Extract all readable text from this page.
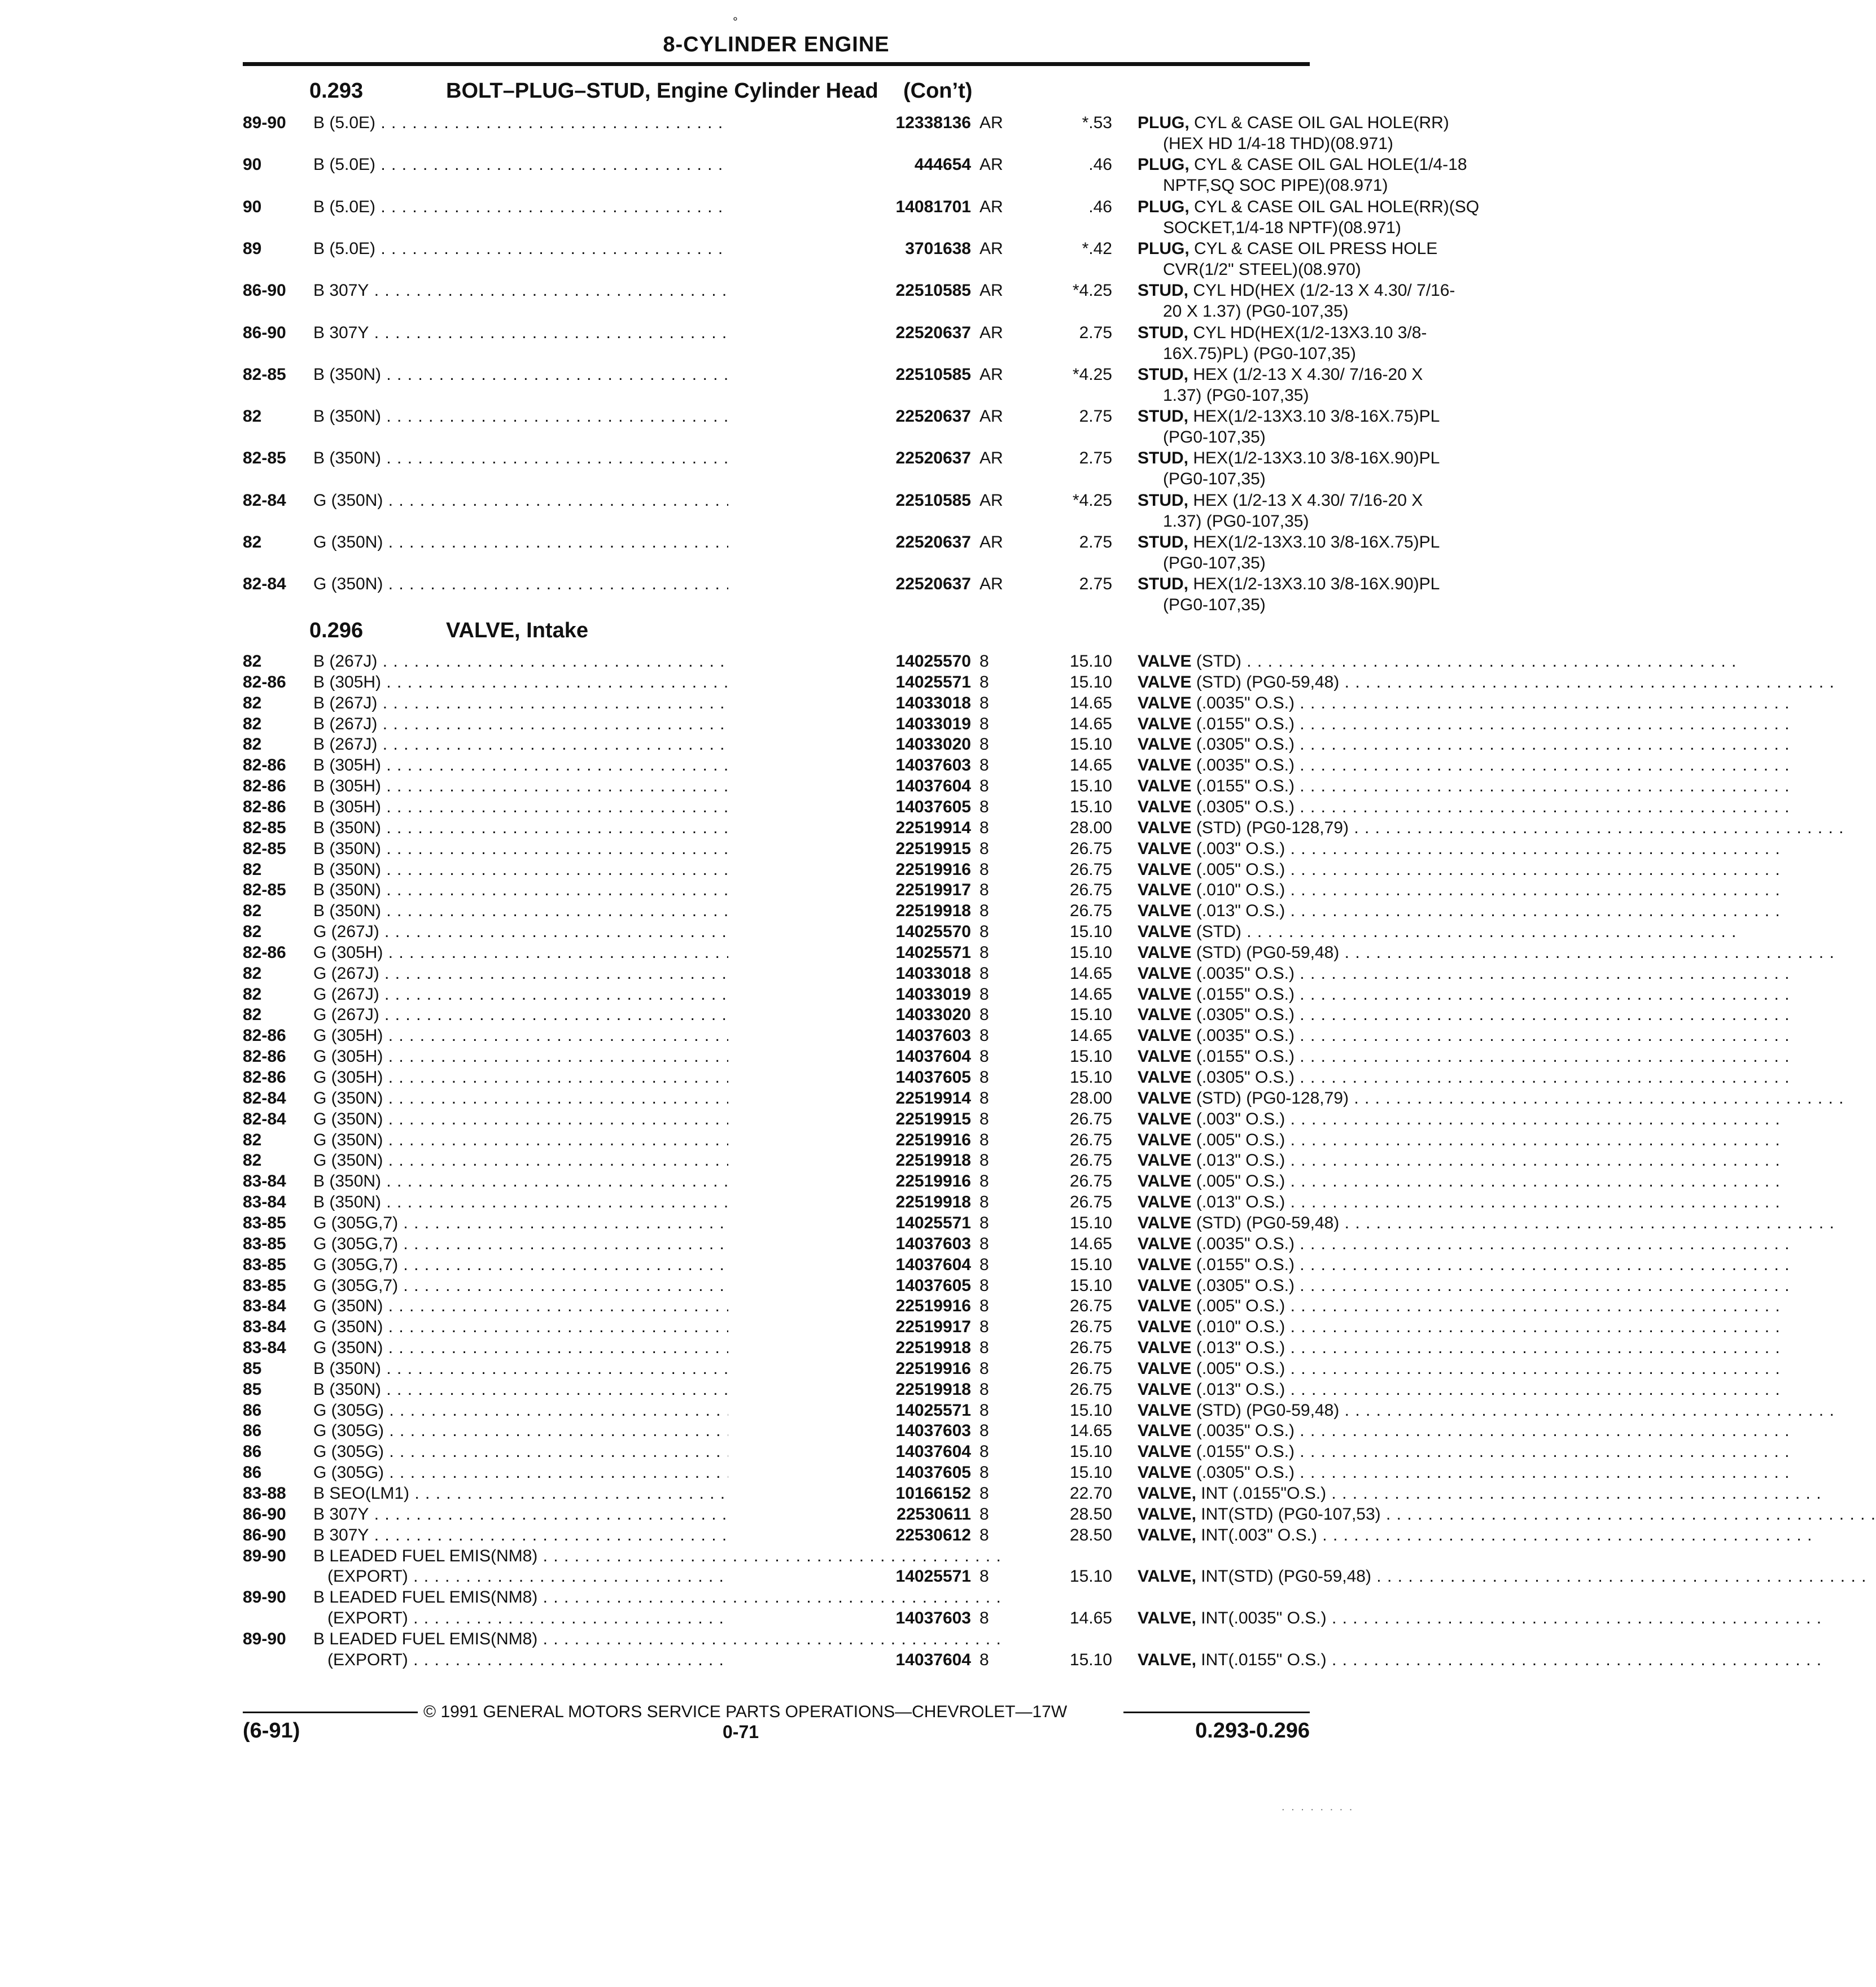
°
8-CYLINDER ENGINE
0.293	BOLT–PLUG–STUD, Engine Cylinder Head (Con’t)
89-90 B (5.0E) . . .	12338136 AR	*.53 PLUG, CYL & CASE OIL GAL HOLE(RR)
(HEX HD 1/4-18 THD)(08.971)
90	B (5.0E) . . .	444654 AR	.46 PLUG, CYL & CASE OIL GAL HOLE(1/4-18
NPTF,SQ SOC PIPE)(08.971)
90	B (5.0E) . . .	14081701 AR	.46 PLUG, CYL & CASE OIL GAL HOLE(RR)(SQ
SOCKET,1/4-18 NPTF)(08.971)
89	B (5.0E) . . .	3701638 AR	*.42 PLUG, CYL & CASE OIL PRESS HOLE
CVR(1/2" STEEL)(08.970)
86-90 B 307Y . . .	22510585 AR	*4.25 STUD, CYL HD(HEX (1/2-13 X 4.30/ 7/16-
20 X 1.37) (PG0-107,35)
86-90 B 307Y . . .	22520637 AR	2.75 STUD, CYL HD(HEX(1/2-13X3.10 3/8-
16X.75)PL) (PG0-107,35)
82-85 B (350N) . . .	22510585 AR	*4.25 STUD, HEX (1/2-13 X 4.30/ 7/16-20 X
1.37) (PG0-107,35)
82	B (350N) . . .	22520637 AR	2.75 STUD, HEX(1/2-13X3.10 3/8-16X.75)PL
(PG0-107,35)
82-85 B (350N) . . .	22520637 AR	2.75 STUD, HEX(1/2-13X3.10 3/8-16X.90)PL
(PG0-107,35)
82-84 G (350N) . . .	22510585 AR	*4.25 STUD, HEX (1/2-13 X 4.30/ 7/16-20 X
1.37) (PG0-107,35)
82	G (350N) . . .	22520637 AR	2.75 STUD, HEX(1/2-13X3.10 3/8-16X.75)PL
(PG0-107,35)
82-84 G (350N) . . .	22520637 AR	2.75 STUD, HEX(1/2-13X3.10 3/8-16X.90)PL
(PG0-107,35)
0.296	VALVE, Intake
82	B (267J) . . .	14025570 8	15.10 VALVE (STD) . . .
82-86 B (305H) . . .	14025571 8	15.10 VALVE (STD) (PG0-59,48) . . .
82	B (267J) . . .	14033018 8	14.65 VALVE (.0035" O.S.) . . .
82	B (267J) . . .	14033019 8	14.65 VALVE (.0155" O.S.) . . .
82	B (267J) . . .	14033020 8	15.10 VALVE (.0305" O.S.) . . .
82-86 B (305H) . . .	14037603 8	14.65 VALVE (.0035" O.S.) . . .
82-86 B (305H) . . .	14037604 8	15.10 VALVE (.0155" O.S.) . . .
82-86 B (305H) . . .	14037605 8	15.10 VALVE (.0305" O.S.) . . .
82-85 B (350N) . . .	22519914 8	28.00 VALVE (STD) (PG0-128,79) . . .
82-85 B (350N) . . .	22519915 8	26.75 VALVE (.003" O.S.) . . .
82	B (350N) . . .	22519916 8	26.75 VALVE (.005" O.S.) . . .
82-85 B (350N) . . .	22519917 8	26.75 VALVE (.010" O.S.) . . .
82	B (350N) . . .	22519918 8	26.75 VALVE (.013" O.S.) . . .
82	G (267J) . . .	14025570 8	15.10 VALVE (STD) . . .
82-86 G (305H) . . .	14025571 8	15.10 VALVE (STD) (PG0-59,48) . . .
82	G (267J) . . .	14033018 8	14.65 VALVE (.0035" O.S.) . . .
82	G (267J) . . .	14033019 8	14.65 VALVE (.0155" O.S.) . . .
82	G (267J) . . .	14033020 8	15.10 VALVE (.0305" O.S.) . . .
82-86 G (305H) . . .	14037603 8	14.65 VALVE (.0035" O.S.) . . .
82-86 G (305H) . . .	14037604 8	15.10 VALVE (.0155" O.S.) . . .
82-86 G (305H) . . .	14037605 8	15.10 VALVE (.0305" O.S.) . . .
82-84 G (350N) . . .	22519914 8	28.00 VALVE (STD) (PG0-128,79) . . .
82-84 G (350N) . . .	22519915 8	26.75 VALVE (.003" O.S.) . . .
82	G (350N) . . .	22519916 8	26.75 VALVE (.005" O.S.) . . .
82	G (350N) . . .	22519918 8	26.75 VALVE (.013" O.S.) . . .
83-84 B (350N) . . .	22519916 8	26.75 VALVE (.005" O.S.) . . .
83-84 B (350N) . . .	22519918 8	26.75 VALVE (.013" O.S.) . . .
83-85 G (305G,7) . . .	14025571 8	15.10 VALVE (STD) (PG0-59,48) . . .
83-85 G (305G,7) . . .	14037603 8	14.65 VALVE (.0035" O.S.) . . .
83-85 G (305G,7) . . .	14037604 8	15.10 VALVE (.0155" O.S.) . . .
83-85 G (305G,7) . . .	14037605 8	15.10 VALVE (.0305" O.S.) . . .
83-84 G (350N) . . .	22519916 8	26.75 VALVE (.005" O.S.) . . .
83-84 G (350N) . . .	22519917 8	26.75 VALVE (.010" O.S.) . . .
83-84 G (350N) . . .	22519918 8	26.75 VALVE (.013" O.S.) . . .
85	B (350N) . . .	22519916 8	26.75 VALVE (.005" O.S.) . . .
85	B (350N) . . .	22519918 8	26.75 VALVE (.013" O.S.) . . .
86	G (305G) . . .	14025571 8	15.10 VALVE (STD) (PG0-59,48) . . .
86	G (305G) . . .	14037603 8	14.65 VALVE (.0035" O.S.) . . .
86	G (305G) . . .	14037604 8	15.10 VALVE (.0155" O.S.) . . .
86	G (305G) . . .	14037605 8	15.10 VALVE (.0305" O.S.) . . .
83-88 B SEO(LM1) . . .	10166152 8	22.70 VALVE, INT (.0155"O.S.) . . .
86-90 B 307Y . . .	22530611 8	28.50 VALVE, INT(STD) (PG0-107,53) . . .
86-90 B 307Y . . .	22530612 8	28.50 VALVE, INT(.003" O.S.) . . .
89-90 B LEADED FUEL EMIS(NM8) . . .
(EXPORT) . . .	14025571 8	15.10 VALVE, INT(STD) (PG0-59,48) . . .
89-90 B LEADED FUEL EMIS(NM8) . . .
(EXPORT) . . .	14037603 8	14.65 VALVE, INT(.0035" O.S.) . . .
89-90 B LEADED FUEL EMIS(NM8) . . .
(EXPORT) . . .	14037604 8	15.10 VALVE, INT(.0155" O.S.) . . .
© 1991 GENERAL MOTORS SERVICE PARTS OPERATIONS—CHEVROLET—17W
(6-91)	0-71	0.293-0.296
. . . . . . . .
